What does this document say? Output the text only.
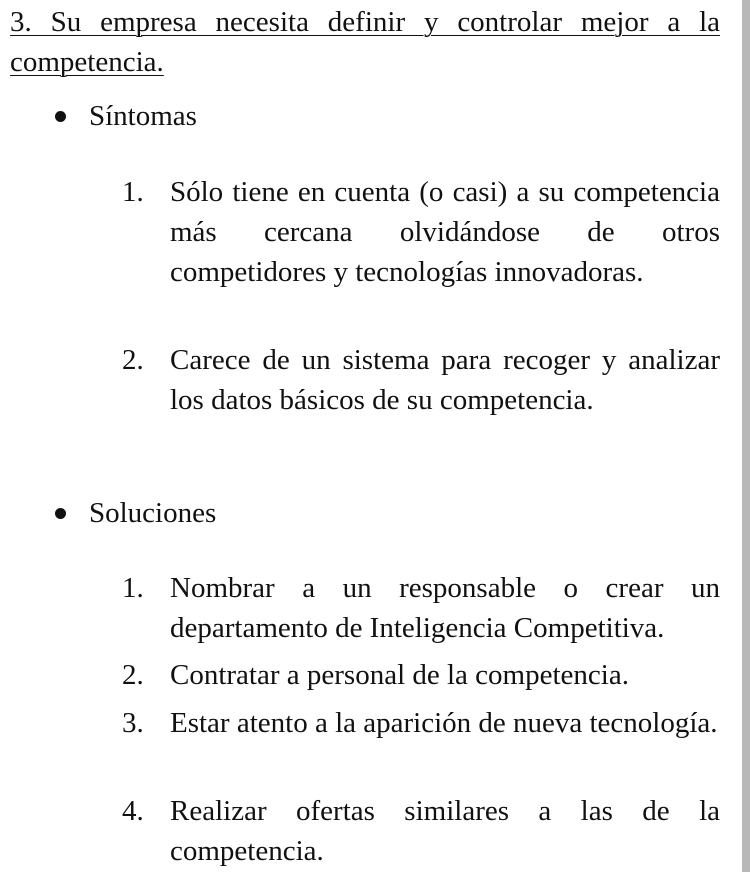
3. Su empresa necesita definir y controlar mejor a la competencia.
Síntomas
1. Sólo tiene en cuenta (o casi) a su competencia más cercana olvidándose de otros competidores y tecnologías innovadoras.
2. Carece de un sistema para recoger y analizar los datos básicos de su competencia.
Soluciones
1. Nombrar a un responsable o crear un departamento de Inteligencia Competitiva.
2. Contratar a personal de la competencia.
3. Estar atento a la aparición de nueva tecnología.
4. Realizar ofertas similares a las de la competencia.
